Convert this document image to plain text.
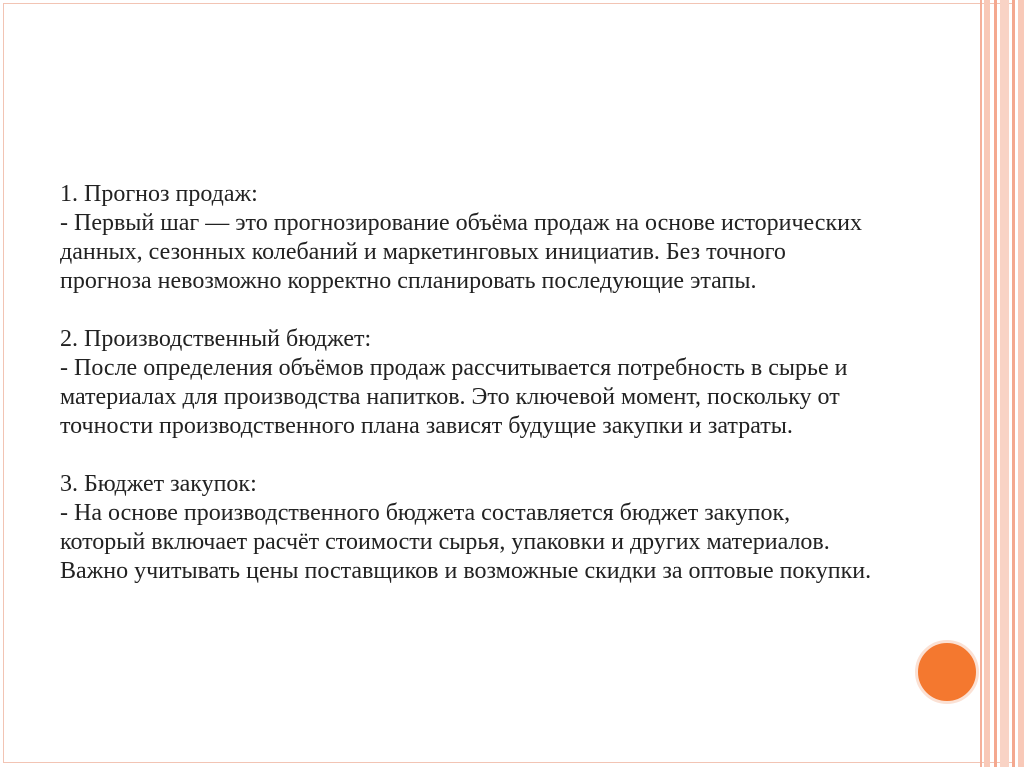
1. Прогноз продаж:
- Первый шаг — это прогнозирование объёма продаж на основе исторических данных, сезонных колебаний и маркетинговых инициатив. Без точного прогноза невозможно корректно спланировать последующие этапы.
2. Производственный бюджет:
- После определения объёмов продаж рассчитывается потребность в сырье и материалах для производства напитков. Это ключевой момент, поскольку от точности производственного плана зависят будущие закупки и затраты.
3. Бюджет закупок:
- На основе производственного бюджета составляется бюджет закупок, который включает расчёт стоимости сырья, упаковки и других материалов. Важно учитывать цены поставщиков и возможные скидки за оптовые покупки.
